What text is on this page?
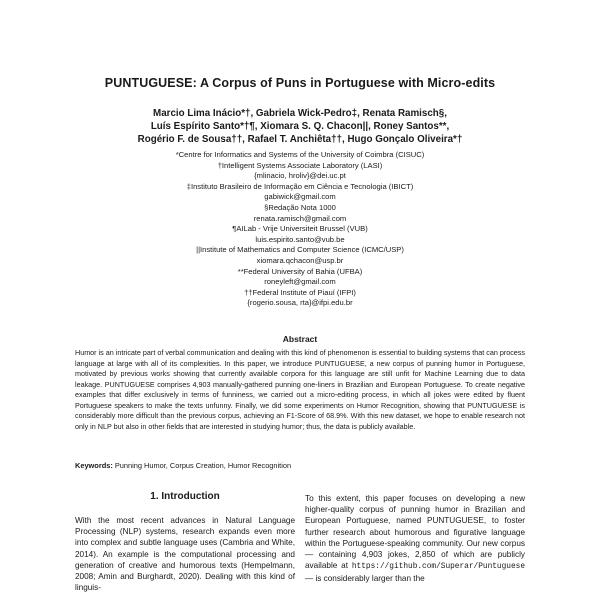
PUNTUGUESE: A Corpus of Puns in Portuguese with Micro-edits
Marcio Lima Inácio*†, Gabriela Wick-Pedro‡, Renata Ramisch§,
Luís Espírito Santo*†¶, Xiomara S. Q. Chacon||, Roney Santos**,
Rogério F. de Sousa††, Rafael T. Anchiêta††, Hugo Gonçalo Oliveira*†
*Centre for Informatics and Systems of the University of Coimbra (CISUC)
†Intelligent Systems Associate Laboratory (LASI)
{mlinacio, hroliv}@dei.uc.pt
‡Instituto Brasileiro de Informação em Ciência e Tecnologia (IBICT)
gabiwick@gmail.com
§Redação Nota 1000
renata.ramisch@gmail.com
¶AILab - Vrije Universiteit Brussel (VUB)
luis.espirito.santo@vub.be
||Institute of Mathematics and Computer Science (ICMC/USP)
xiomara.qchacon@usp.br
**Federal University of Bahia (UFBA)
roneyleft@gmail.com
††Federal Institute of Piauí (IFPI)
{rogerio.sousa, rta}@ifpi.edu.br
Abstract

Humor is an intricate part of verbal communication and dealing with this kind of phenomenon is essential to building systems that can process language at large with all of its complexities. In this paper, we introduce PUNTUGUESE, a new corpus of punning humor in Portuguese, motivated by previous works showing that currently available corpora for this language are still unfit for Machine Learning due to data leakage. PUNTUGUESE comprises 4,903 manually-gathered punning one-liners in Brazilian and European Portuguese. To create negative examples that differ exclusively in terms of funniness, we carried out a micro-editing process, in which all jokes were edited by fluent Portuguese speakers to make the texts unfunny. Finally, we did some experiments on Humor Recognition, showing that PUNTUGUESE is considerably more difficult than the previous corpus, achieving an F1-Score of 68.9%. With this new dataset, we hope to enable research not only in NLP but also in other fields that are interested in studying humor; thus, the data is publicly available.

Keywords: Punning Humor, Corpus Creation, Humor Recognition
1. Introduction

With the most recent advances in Natural Language Processing (NLP) systems, research expands even more into complex and subtle language uses (Cambria and White, 2014). An example is the computational processing and generation of creative and humorous texts (Hempelmann, 2008; Amin and Burghardt, 2020). Dealing with this kind of linguis-

To this extent, this paper focuses on developing a new higher-quality corpus of punning humor in Brazilian and European Portuguese, named PUNTUGUESE, to foster further research about humorous and figurative language within the Portuguese-speaking community. Our new corpus — containing 4,903 jokes, 2,850 of which are publicly available at https://github.com/Superar/Puntuguese — is considerably larger than the
